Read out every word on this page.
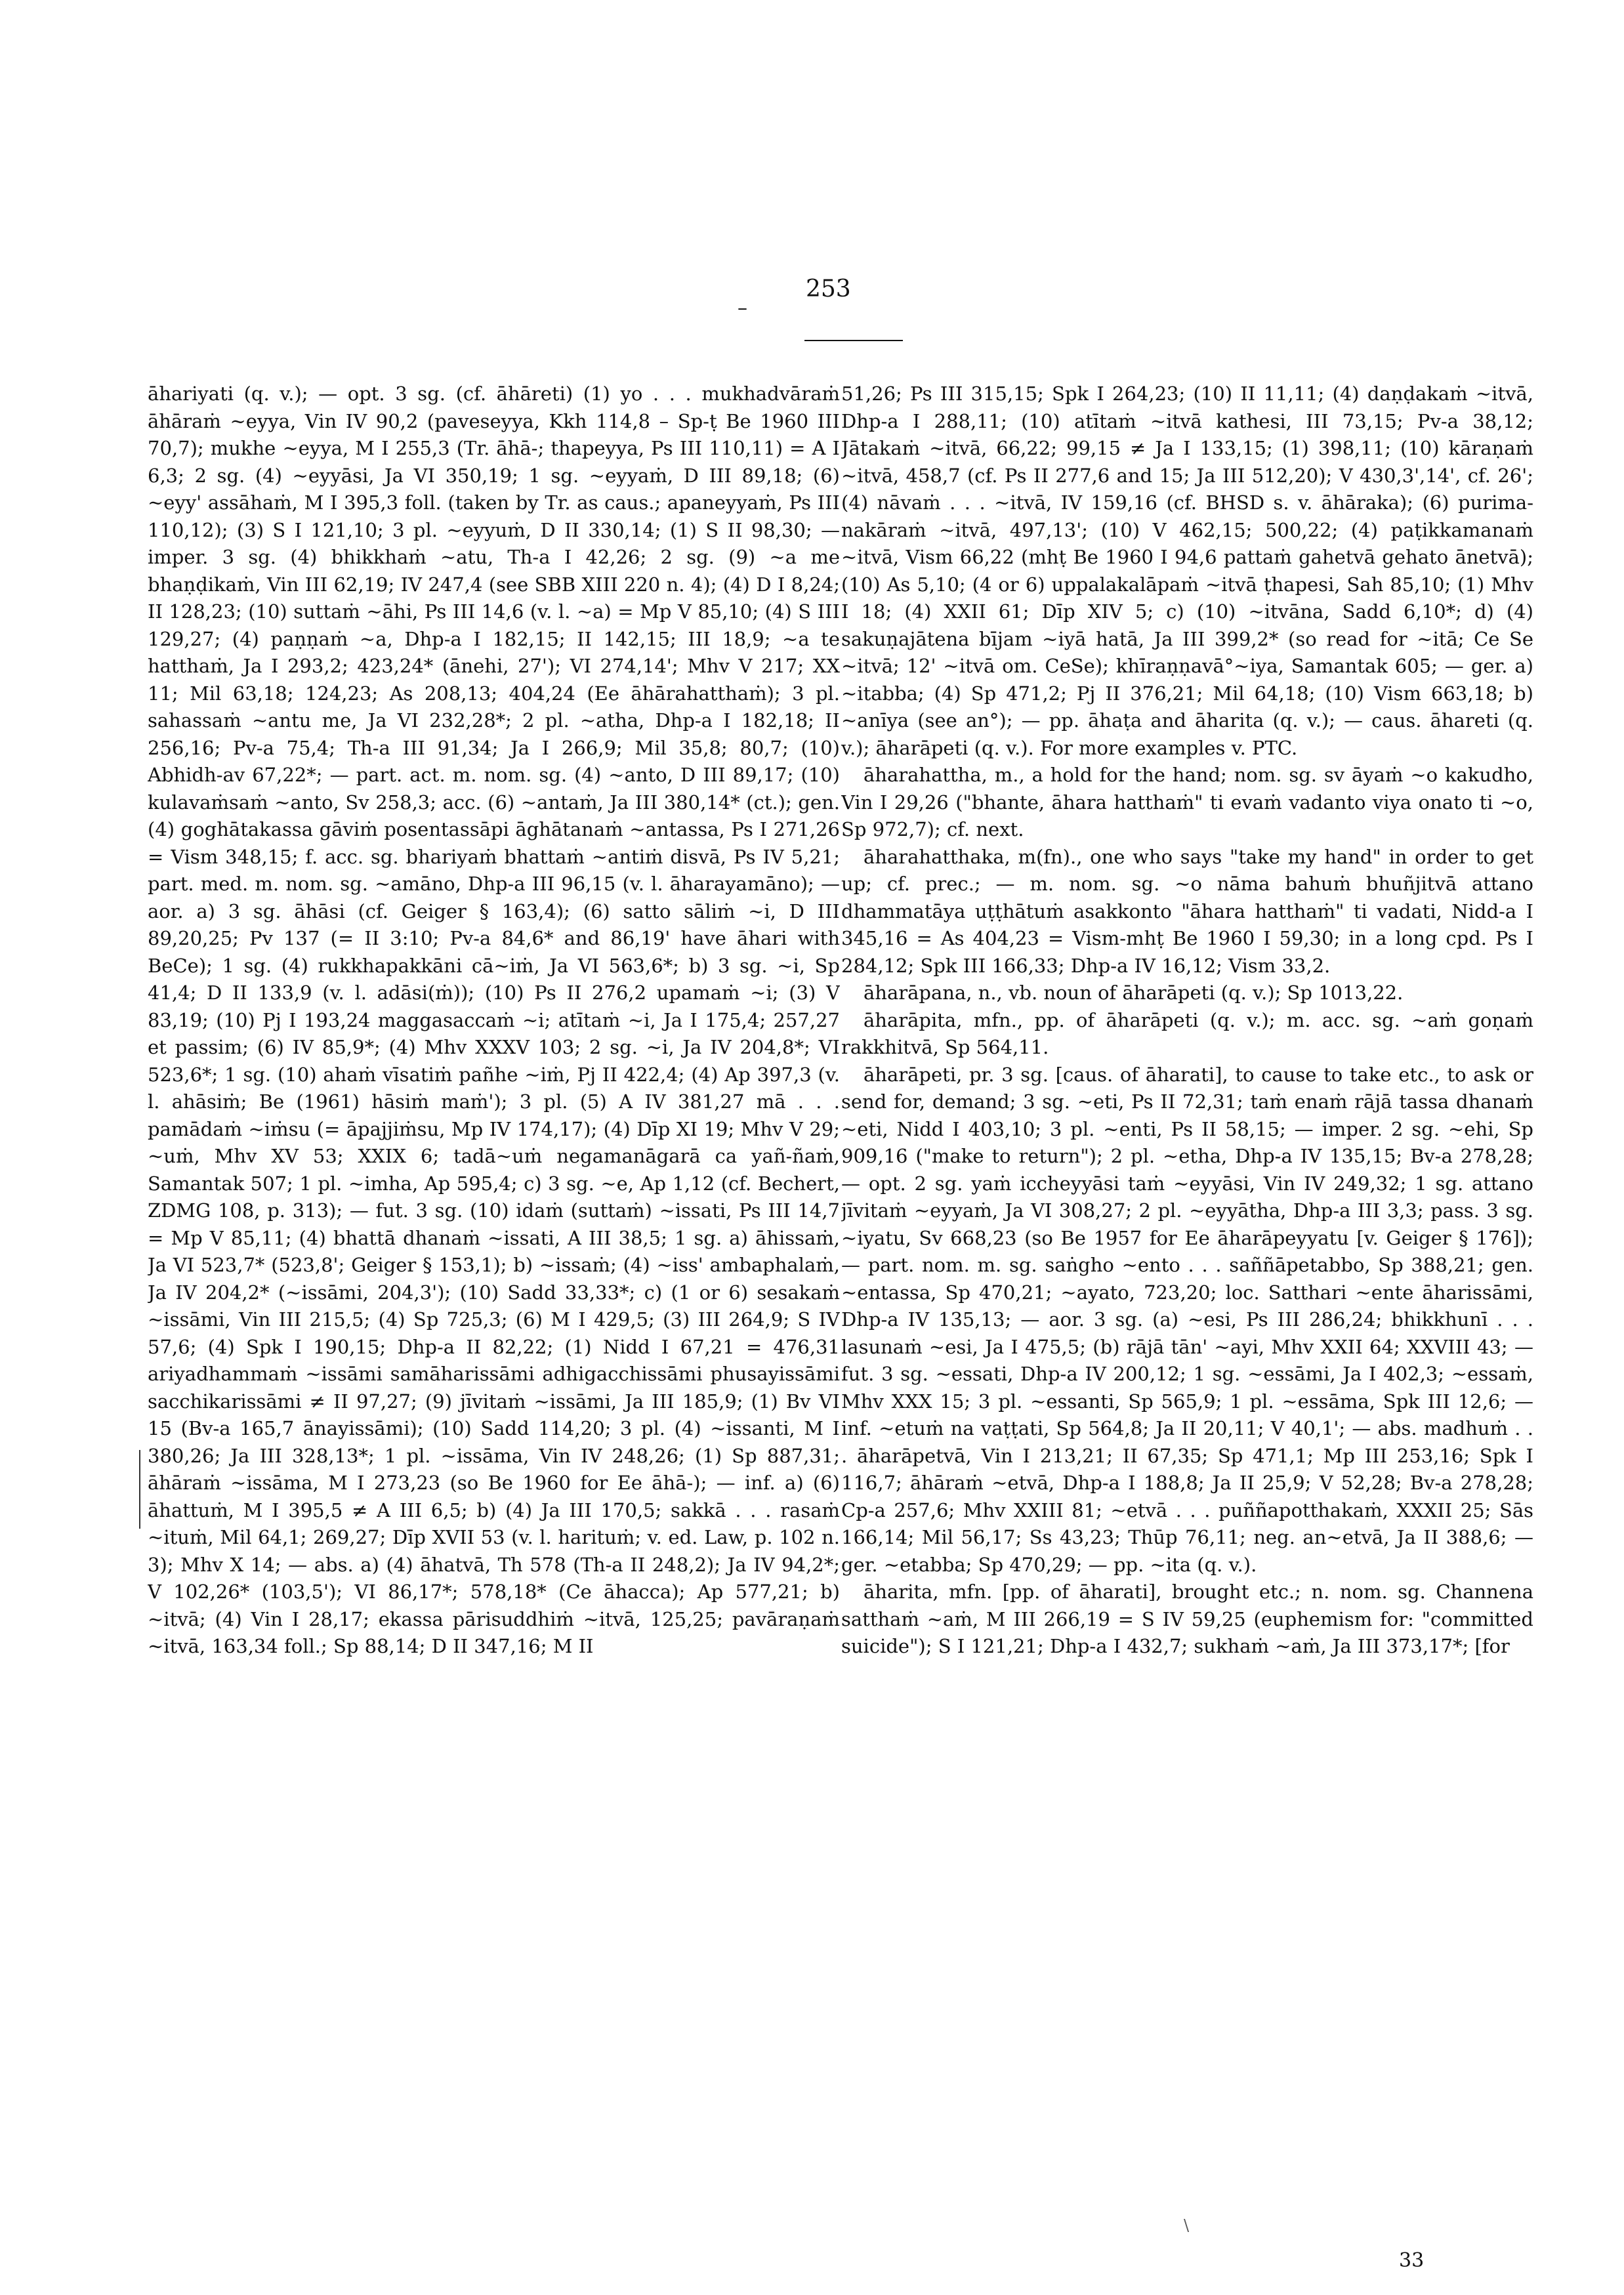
–
253

āhariyati (q. v.); — opt. 3 sg. (cf. āhāreti) (1) yo . . . mukhadvāraṁ āhāraṁ ~eyya, Vin IV 90,2 (paveseyya, Kkh 114,8 – Sp-ṭ Be 1960 III 70,7); mukhe ~eyya, M I 255,3 (Tr. āhā-; thapeyya, Ps III 110,11) = A I 6,3; 2 sg. (4) ~eyyāsi, Ja VI 350,19; 1 sg. ~eyyaṁ, D III 89,18; (6) ~eyy' assāhaṁ, M I 395,3 foll. (taken by Tr. as caus.; apaneyyaṁ, Ps III 110,12); (3) S I 121,10; 3 pl. ~eyyuṁ, D II 330,14; (1) S II 98,30; — imper. 3 sg. (4) bhikkhaṁ ~atu, Th-a I 42,26; 2 sg. (9) ~a me bhaṇḍikaṁ, Vin III 62,19; IV 247,4 (see SBB XIII 220 n. 4); (4) D I 8,24; II 128,23; (10) suttaṁ ~āhi, Ps III 14,6 (v. l. ~a) = Mp V 85,10; (4) S III 129,27; (4) paṇṇaṁ ~a, Dhp-a I 182,15; II 142,15; III 18,9; ~a te hatthaṁ, Ja I 293,2; 423,24* (ānehi, 27'); VI 274,14'; Mhv V 217; XX 11; Mil 63,18; 124,23; As 208,13; 404,24 (Ee āhārahatthaṁ); 3 pl. sahassaṁ ~antu me, Ja VI 232,28*; 2 pl. ~atha, Dhp-a I 182,18; II 256,16; Pv-a 75,4; Th-a III 91,34; Ja I 266,9; Mil 35,8; 80,7; (10) Abhidh-av 67,22*; — part. act. m. nom. sg. (4) ~anto, D III 89,17; (10) kulavaṁsaṁ ~anto, Sv 258,3; acc. (6) ~antaṁ, Ja III 380,14* (ct.); gen. (4) goghātakassa gāviṁ posentassāpi āghātanaṁ ~antassa, Ps I 271,26 = Vism 348,15; f. acc. sg. bhariyaṁ bhattaṁ ~antiṁ disvā, Ps IV 5,21; part. med. m. nom. sg. ~amāno, Dhp-a III 96,15 (v. l. āharayamāno); — aor. a) 3 sg. āhāsi (cf. Geiger § 163,4); (6) satto sāliṁ ~i, D III 89,20,25; Pv 137 (= II 3:10; Pv-a 84,6* and 86,19' have āhari with BeCe); 1 sg. (4) rukkhapakkāni cā~iṁ, Ja VI 563,6*; b) 3 sg. ~i, Sp 41,4; D II 133,9 (v. l. adāsi(ṁ)); (10) Ps II 276,2 upamaṁ ~i; (3) V 83,19; (10) Pj I 193,24 maggasaccaṁ ~i; atītaṁ ~i, Ja I 175,4; 257,27 et passim; (6) IV 85,9*; (4) Mhv XXXV 103; 2 sg. ~i, Ja IV 204,8*; VI 523,6*; 1 sg. (10) ahaṁ vīsatiṁ pañhe ~iṁ, Pj II 422,4; (4) Ap 397,3 (v. l. ahāsiṁ; Be (1961) hāsiṁ maṁ'); 3 pl. (5) A IV 381,27 mā . . . pamādaṁ ~iṁsu (= āpajjiṁsu, Mp IV 174,17); (4) Dīp XI 19; Mhv V 29; ~uṁ, Mhv XV 53; XXIX 6; tadā~uṁ negamanāgarā ca yañ-ñaṁ, Samantak 507; 1 pl. ~imha, Ap 595,4; c) 3 sg. ~e, Ap 1,12 (cf. Bechert, ZDMG 108, p. 313); — fut. 3 sg. (10) idaṁ (suttaṁ) ~issati, Ps III 14,7 = Mp V 85,11; (4) bhattā dhanaṁ ~issati, A III 38,5; 1 sg. a) āhissaṁ, Ja VI 523,7* (523,8'; Geiger § 153,1); b) ~issaṁ; (4) ~iss' ambaphalaṁ, Ja IV 204,2* (~issāmi, 204,3'); (10) Sadd 33,33*; c) (1 or 6) sesakaṁ ~issāmi, Vin III 215,5; (4) Sp 725,3; (6) M I 429,5; (3) III 264,9; S IV 57,6; (4) Spk I 190,15; Dhp-a II 82,22; (1) Nidd I 67,21 = 476,31 ariyadhammaṁ ~issāmi samāharissāmi adhigacchissāmi phusayissāmi sacchikarissāmi ≠ II 97,27; (9) jīvitaṁ ~issāmi, Ja III 185,9; (1) Bv VI 15 (Bv-a 165,7 ānayissāmi); (10) Sadd 114,20; 3 pl. (4) ~issanti, M I 380,26; Ja III 328,13*; 1 pl. ~issāma, Vin IV 248,26; (1) Sp 887,31; āhāraṁ ~issāma, M I 273,23 (so Be 1960 for Ee āhā-); — inf. a) (6) āhattuṁ, M I 395,5 ≠ A III 6,5; b) (4) Ja III 170,5; sakkā . . . rasaṁ ~ituṁ, Mil 64,1; 269,27; Dīp XVII 53 (v. l. harituṁ; v. ed. Law, p. 102 n. 3); Mhv X 14; — abs. a) (4) āhatvā, Th 578 (Th-a II 248,2); Ja IV 94,2*; V 102,26* (103,5'); VI 86,17*; 578,18* (Ce āhacca); Ap 577,21; b) ~itvā; (4) Vin I 28,17; ekassa pārisuddhiṁ ~itvā, 125,25; pavāraṇaṁ ~itvā, 163,34 foll.; Sp 88,14; D II 347,16; M II

51,26; Ps III 315,15; Spk I 264,23; (10) II 11,11; (4) daṇḍakaṁ ~itvā, Dhp-a I 288,11; (10) atītaṁ ~itvā kathesi, III 73,15; Pv-a 38,12; Jātakaṁ ~itvā, 66,22; 99,15 ≠ Ja I 133,15; (1) 398,11; (10) kāraṇaṁ ~itvā, 458,7 (cf. Ps II 277,6 and 15; Ja III 512,20); V 430,3',14', cf. 26'; (4) nāvaṁ . . . ~itvā, IV 159,16 (cf. BHSD s. v. āhāraka); (6) purima-nakāraṁ ~itvā, 497,13'; (10) V 462,15; 500,22; (4) paṭikkamanaṁ ~itvā, Vism 66,22 (mhṭ Be 1960 I 94,6 pattaṁ gahetvā gehato ānetvā); (10) As 5,10; (4 or 6) uppalakalāpaṁ ~itvā ṭhapesi, Sah 85,10; (1) Mhv I 18; (4) XXII 61; Dīp XIV 5; c) (10) ~itvāna, Sadd 6,10*; d) (4) sakuṇajātena bījam ~iyā hatā, Ja III 399,2* (so read for ~itā; Ce Se ~itvā; 12' ~itvā om. CeSe); khīraṇṇavā°~iya, Samantak 605; — ger. a) ~itabba; (4) Sp 471,2; Pj II 376,21; Mil 64,18; (10) Vism 663,18; b) ~anīya (see an°); — pp. āhaṭa and āharita (q. v.); — caus. āhareti (q. v.); āharāpeti (q. v.). For more examples v. PTC.

āharahattha, m., a hold for the hand; nom. sg. sv āyaṁ ~o kakudho, Vin I 29,26 ("bhante, āhara hatthaṁ" ti evaṁ vadanto viya onato ti ~o, Sp 972,7); cf. next.

āharahatthaka, m(fn)., one who says "take my hand" in order to get up; cf. prec.; — m. nom. sg. ~o nāma bahuṁ bhuñjitvā attano dhammatāya uṭṭhātuṁ asakkonto "āhara hatthaṁ" ti vadati, Nidd-a I 345,16 = As 404,23 = Vism-mhṭ Be 1960 I 59,30; in a long cpd. Ps I 284,12; Spk III 166,33; Dhp-a IV 16,12; Vism 33,2.

āharāpana, n., vb. noun of āharāpeti (q. v.); Sp 1013,22.

āharāpita, mfn., pp. of āharāpeti (q. v.); m. acc. sg. ~aṁ goṇaṁ rakkhitvā, Sp 564,11.

āharāpeti, pr. 3 sg. [caus. of āharati], to cause to take etc., to ask or send for, demand; 3 sg. ~eti, Ps II 72,31; taṁ enaṁ rājā tassa dhanaṁ ~eti, Nidd I 403,10; 3 pl. ~enti, Ps II 58,15; — imper. 2 sg. ~ehi, Sp 909,16 ("make to return"); 2 pl. ~etha, Dhp-a IV 135,15; Bv-a 278,28; — opt. 2 sg. yaṁ iccheyyāsi taṁ ~eyyāsi, Vin IV 249,32; 1 sg. attano jīvitaṁ ~eyyaṁ, Ja VI 308,27; 2 pl. ~eyyātha, Dhp-a III 3,3; pass. 3 sg. ~iyatu, Sv 668,23 (so Be 1957 for Ee āharāpeyyatu [v. Geiger § 176]); — part. nom. m. sg. saṅgho ~ento . . . saññāpetabbo, Sp 388,21; gen. ~entassa, Sp 470,21; ~ayato, 723,20; loc. Satthari ~ente āharissāmi, Dhp-a IV 135,13; — aor. 3 sg. (a) ~esi, Ps III 286,24; bhikkhunī . . . lasunaṁ ~esi, Ja I 475,5; (b) rājā tān' ~ayi, Mhv XXII 64; XXVIII 43; — fut. 3 sg. ~essati, Dhp-a IV 200,12; 1 sg. ~essāmi, Ja I 402,3; ~essaṁ, Mhv XXX 15; 3 pl. ~essanti, Sp 565,9; 1 pl. ~essāma, Spk III 12,6; — inf. ~etuṁ na vaṭṭati, Sp 564,8; Ja II 20,11; V 40,1'; — abs. madhuṁ . . . āharāpetvā, Vin I 213,21; II 67,35; Sp 471,1; Mp III 253,16; Spk I 116,7; āhāraṁ ~etvā, Dhp-a I 188,8; Ja II 25,9; V 52,28; Bv-a 278,28; Cp-a 257,6; Mhv XXIII 81; ~etvā . . . puññapotthakaṁ, XXXII 25; Sās 166,14; Mil 56,17; Ss 43,23; Thūp 76,11; neg. an~etvā, Ja II 388,6; — ger. ~etabba; Sp 470,29; — pp. ~ita (q. v.).

āharita, mfn. [pp. of āharati], brought etc.; n. nom. sg. Channena satthaṁ ~aṁ, M III 266,19 = S IV 59,25 (euphemism for: "committed suicide"); S I 121,21; Dhp-a I 432,7; sukhaṁ ~aṁ, Ja III 373,17*; [for

\
33
